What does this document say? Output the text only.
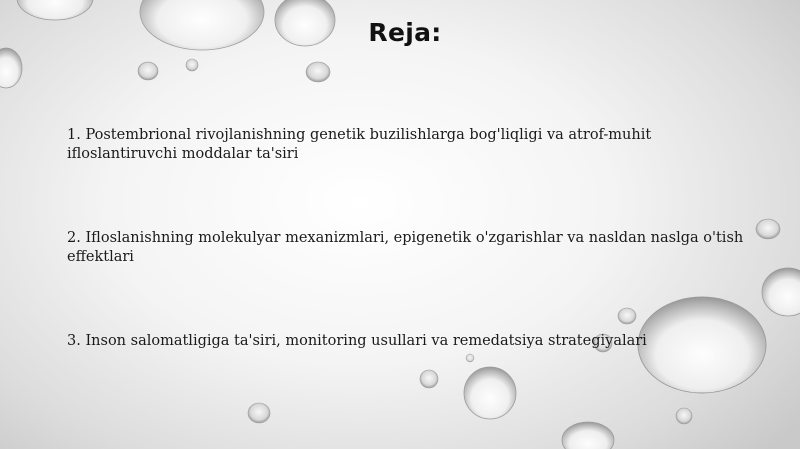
Reja:
1. Postembrional rivojlanishning genetik buzilishlarga bog'liqligi va atrof-muhit ifloslantiruvchi moddalar ta'siri
2. Ifloslanishning molekulyar mexanizmlari, epigenetik o'zgarishlar va nasldan naslga o'tish effektlari
3. Inson salomatligiga ta'siri, monitoring usullari va remedatsiya strategiyalari
